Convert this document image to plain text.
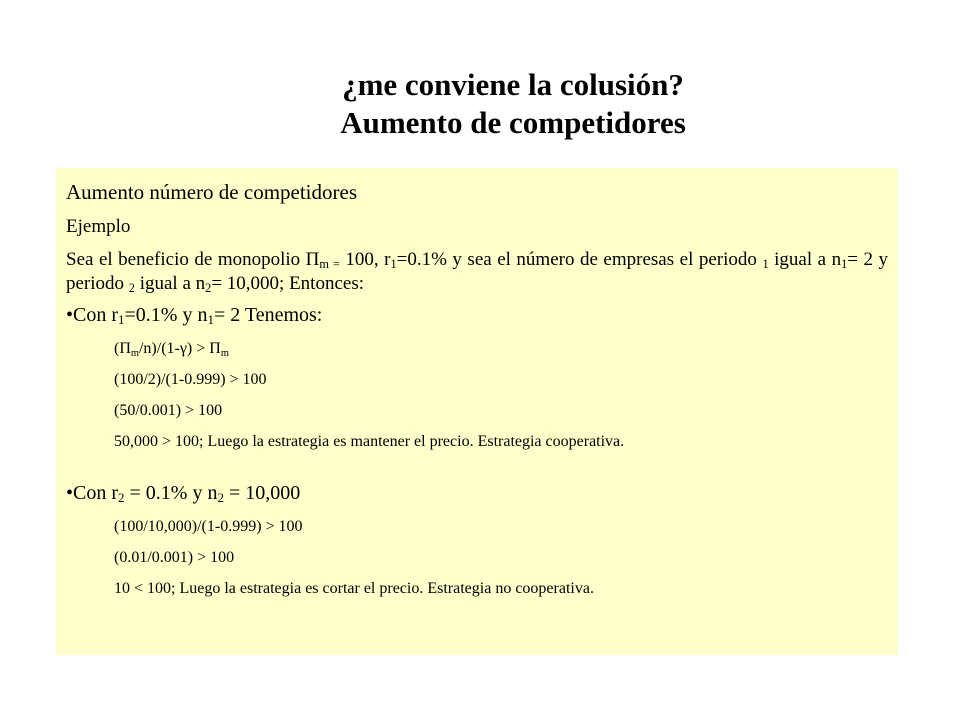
¿me conviene la colusión?
Aumento de competidores

Aumento número de competidores

Ejemplo

Sea el beneficio de monopolio $\Pi_{m =}$ 100, $r_1=0.1\%$ y sea el número de empresas el periodo $_1$ igual a $n_1= 2$ y periodo $_2$ igual a $n_2= 10,000$; Entonces:

•Con $r_1=0.1\%$ y $n_1= 2$ Tenemos:

$(\Pi_m/n)/(1-\gamma) > \Pi_m$

(100/2)/(1-0.999) > 100

(50/0.001) > 100

50,000 > 100; Luego la estrategia es mantener el precio. Estrategia cooperativa.

•Con $r_2 = 0.1\%$ y $n_2 = 10,000$

(100/10,000)/(1-0.999) > 100

(0.01/0.001) > 100

10 < 100; Luego la estrategia es cortar el precio. Estrategia no cooperativa.
